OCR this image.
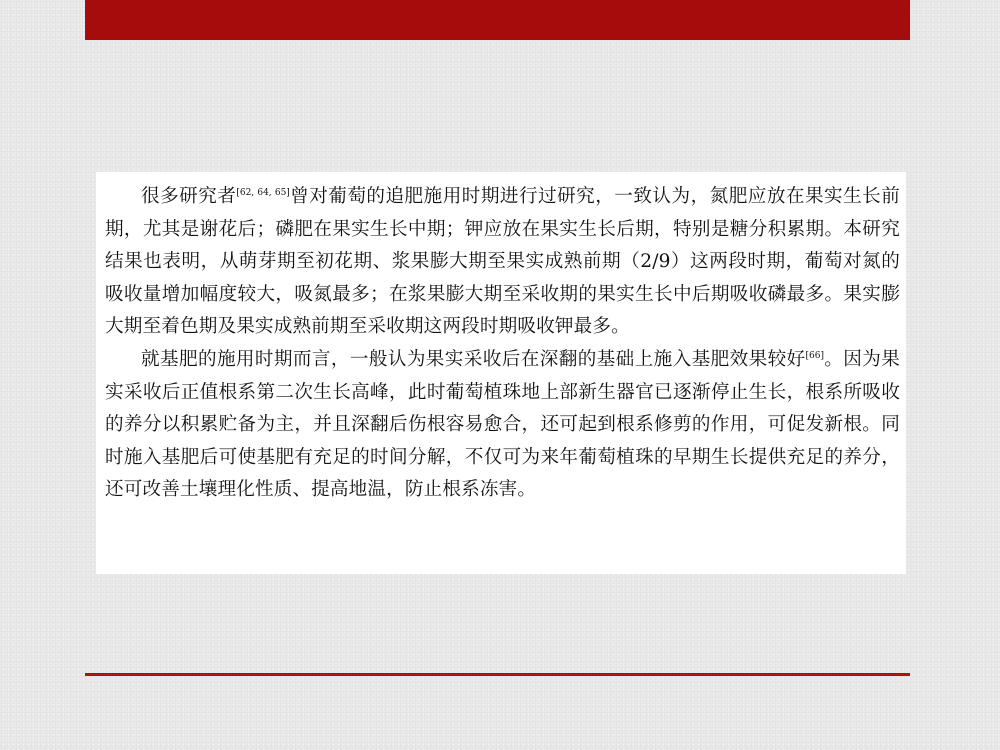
很多研究者[62, 64, 65]曾对葡萄的追肥施用时期进行过研究，一致认为，氮肥应放在果实生长前期，尤其是谢花后；磷肥在果实生长中期；钾应放在果实生长后期，特别是糖分积累期。本研究结果也表明，从萌芽期至初花期、浆果膨大期至果实成熟前期（2/9）这两段时期，葡萄对氮的吸收量增加幅度较大，吸氮最多；在浆果膨大期至采收期的果实生长中后期吸收磷最多。果实膨大期至着色期及果实成熟前期至采收期这两段时期吸收钾最多。

就基肥的施用时期而言，一般认为果实采收后在深翻的基础上施入基肥效果较好[66]。因为果实采收后正值根系第二次生长高峰，此时葡萄植珠地上部新生器官已逐渐停止生长，根系所吸收的养分以积累贮备为主，并且深翻后伤根容易愈合，还可起到根系修剪的作用，可促发新根。同时施入基肥后可使基肥有充足的时间分解，不仅可为来年葡萄植珠的早期生长提供充足的养分，还可改善土壤理化性质、提高地温，防止根系冻害。
